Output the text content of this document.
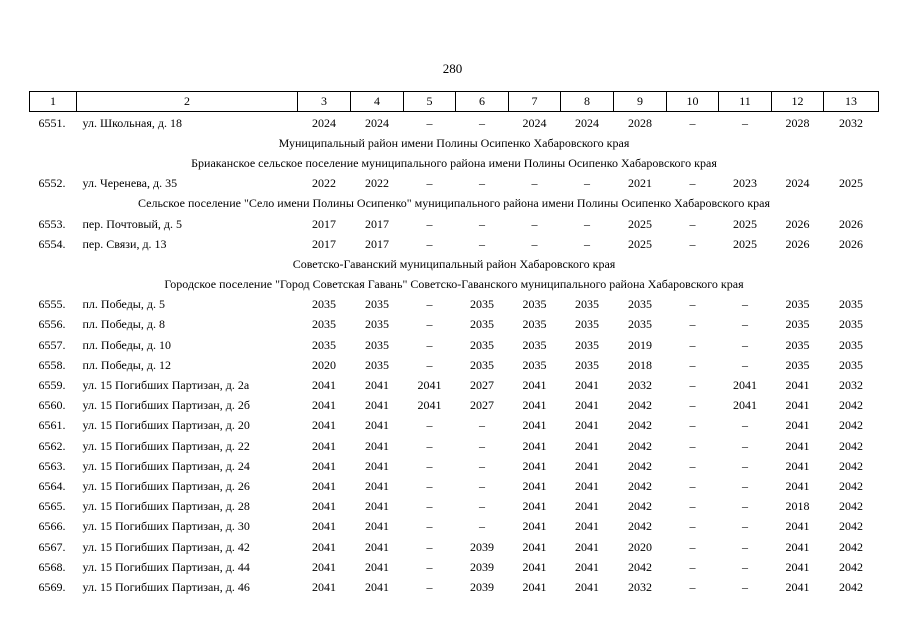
280
1	2	3	4	5	6	7	8	9	10	11	12	13
6551.	ул. Школьная, д. 18	2024	2024	–	–	2024	2024	2028	–	–	2028	2032
Муниципальный район имени Полины Осипенко Хабаровского края												
Бриаканское сельское поселение муниципального района имени Полины Осипенко Хабаровского края												
6552.	ул. Черенева, д. 35	2022	2022	–	–	–	–	2021	–	2023	2024	2025
Сельское поселение "Село имени Полины Осипенко" муниципального района имени Полины Осипенко Хабаровского края												
6553.	пер. Почтовый, д. 5	2017	2017	–	–	–	–	2025	–	2025	2026	2026
6554.	пер. Связи, д. 13	2017	2017	–	–	–	–	2025	–	2025	2026	2026
Советско-Гаванский муниципальный район Хабаровского края												
Городское поселение "Город Советская Гавань" Советско-Гаванского муниципального района Хабаровского края												
6555.	пл. Победы, д. 5	2035	2035	–	2035	2035	2035	2035	–	–	2035	2035
6556.	пл. Победы, д. 8	2035	2035	–	2035	2035	2035	2035	–	–	2035	2035
6557.	пл. Победы, д. 10	2035	2035	–	2035	2035	2035	2019	–	–	2035	2035
6558.	пл. Победы, д. 12	2020	2035	–	2035	2035	2035	2018	–	–	2035	2035
6559.	ул. 15 Погибших Партизан, д. 2а	2041	2041	2041	2027	2041	2041	2032	–	2041	2041	2032
6560.	ул. 15 Погибших Партизан, д. 2б	2041	2041	2041	2027	2041	2041	2042	–	2041	2041	2042
6561.	ул. 15 Погибших Партизан, д. 20	2041	2041	–	–	2041	2041	2042	–	–	2041	2042
6562.	ул. 15 Погибших Партизан, д. 22	2041	2041	–	–	2041	2041	2042	–	–	2041	2042
6563.	ул. 15 Погибших Партизан, д. 24	2041	2041	–	–	2041	2041	2042	–	–	2041	2042
6564.	ул. 15 Погибших Партизан, д. 26	2041	2041	–	–	2041	2041	2042	–	–	2041	2042
6565.	ул. 15 Погибших Партизан, д. 28	2041	2041	–	–	2041	2041	2042	–	–	2018	2042
6566.	ул. 15 Погибших Партизан, д. 30	2041	2041	–	–	2041	2041	2042	–	–	2041	2042
6567.	ул. 15 Погибших Партизан, д. 42	2041	2041	–	2039	2041	2041	2020	–	–	2041	2042
6568.	ул. 15 Погибших Партизан, д. 44	2041	2041	–	2039	2041	2041	2042	–	–	2041	2042
6569.	ул. 15 Погибших Партизан, д. 46	2041	2041	–	2039	2041	2041	2032	–	–	2041	2042
